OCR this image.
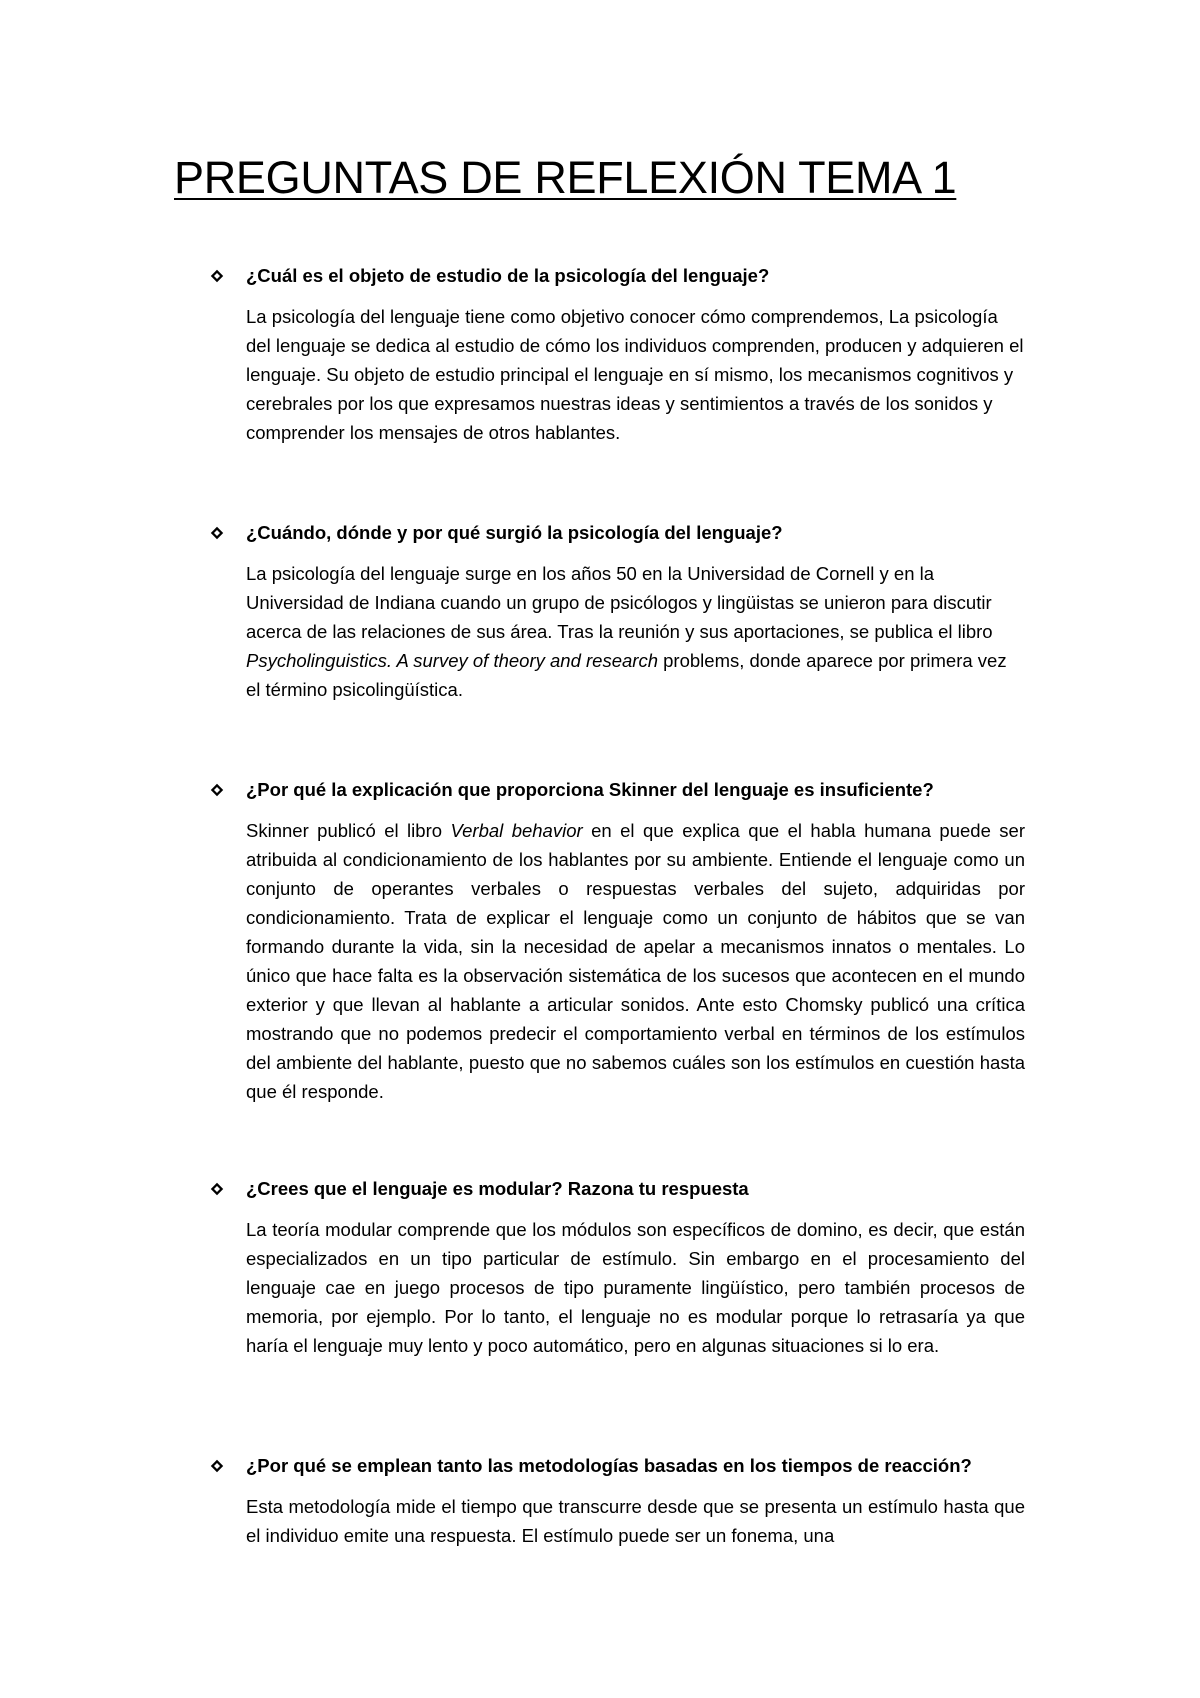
PREGUNTAS DE REFLEXIÓN TEMA 1

¿Cuál es el objeto de estudio de la psicología del lenguaje?

La psicología del lenguaje tiene como objetivo conocer cómo comprendemos, La psicología del lenguaje se dedica al estudio de cómo los individuos comprenden, producen y adquieren el lenguaje. Su objeto de estudio principal el lenguaje en sí mismo, los mecanismos cognitivos y cerebrales por los que expresamos nuestras ideas y sentimientos a través de los sonidos y comprender los mensajes de otros hablantes.

¿Cuándo, dónde y por qué surgió la psicología del lenguaje?

La psicología del lenguaje surge en los años 50 en la Universidad de Cornell y en la Universidad de Indiana cuando un grupo de psicólogos y lingüistas se unieron para discutir acerca de las relaciones de sus área. Tras la reunión y sus aportaciones, se publica el libro Psycholinguistics. A survey of theory and research problems, donde aparece por primera vez el término psicolingüística.

¿Por qué la explicación que proporciona Skinner del lenguaje es insuficiente?

Skinner publicó el libro Verbal behavior en el que explica que el habla humana puede ser atribuida al condicionamiento de los hablantes por su ambiente. Entiende el lenguaje como un conjunto de operantes verbales o respuestas verbales del sujeto, adquiridas por condicionamiento. Trata de explicar el lenguaje como un conjunto de hábitos que se van formando durante la vida, sin la necesidad de apelar a mecanismos innatos o mentales. Lo único que hace falta es la observación sistemática de los sucesos que acontecen en el mundo exterior y que llevan al hablante a articular sonidos. Ante esto Chomsky publicó una crítica mostrando que no podemos predecir el comportamiento verbal en términos de los estímulos del ambiente del hablante, puesto que no sabemos cuáles son los estímulos en cuestión hasta que él responde.

¿Crees que el lenguaje es modular? Razona tu respuesta

La teoría modular comprende que los módulos son específicos de domino, es decir, que están especializados en un tipo particular de estímulo. Sin embargo en el procesamiento del lenguaje cae en juego procesos de tipo puramente lingüístico, pero también procesos de memoria, por ejemplo. Por lo tanto, el lenguaje no es modular porque lo retrasaría ya que haría el lenguaje muy lento y poco automático, pero en algunas situaciones si lo era.

¿Por qué se emplean tanto las metodologías basadas en los tiempos de reacción?

Esta metodología mide el tiempo que transcurre desde que se presenta un estímulo hasta que el individuo emite una respuesta. El estímulo puede ser un fonema, una
